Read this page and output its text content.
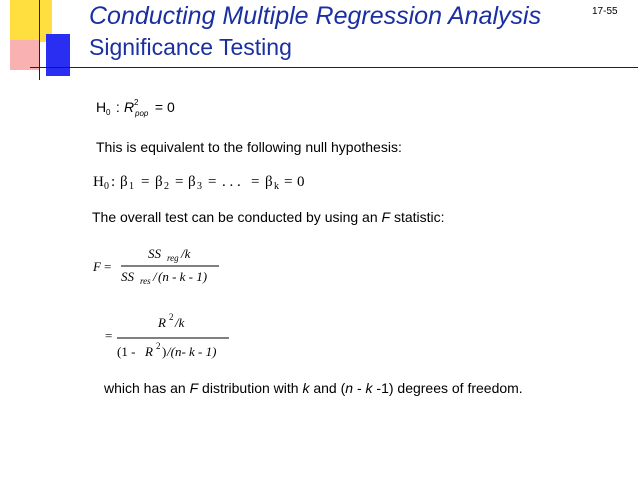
Conducting Multiple Regression Analysis
Significance Testing
17-55
H 0 : R 2
pop = 0
This is equivalent to the following null hypothesis:
H 0 : β 1 = β 2 = β 3 = . . . = β k = 0
The overall test can be conducted by using an F statistic:
F =
SS reg /k
SS res / (n - k - 1)
=
R 2 /k
(1 - R 2 ) /(n- k - 1)
which has an F distribution with k and (n - k -1) degrees of freedom.
